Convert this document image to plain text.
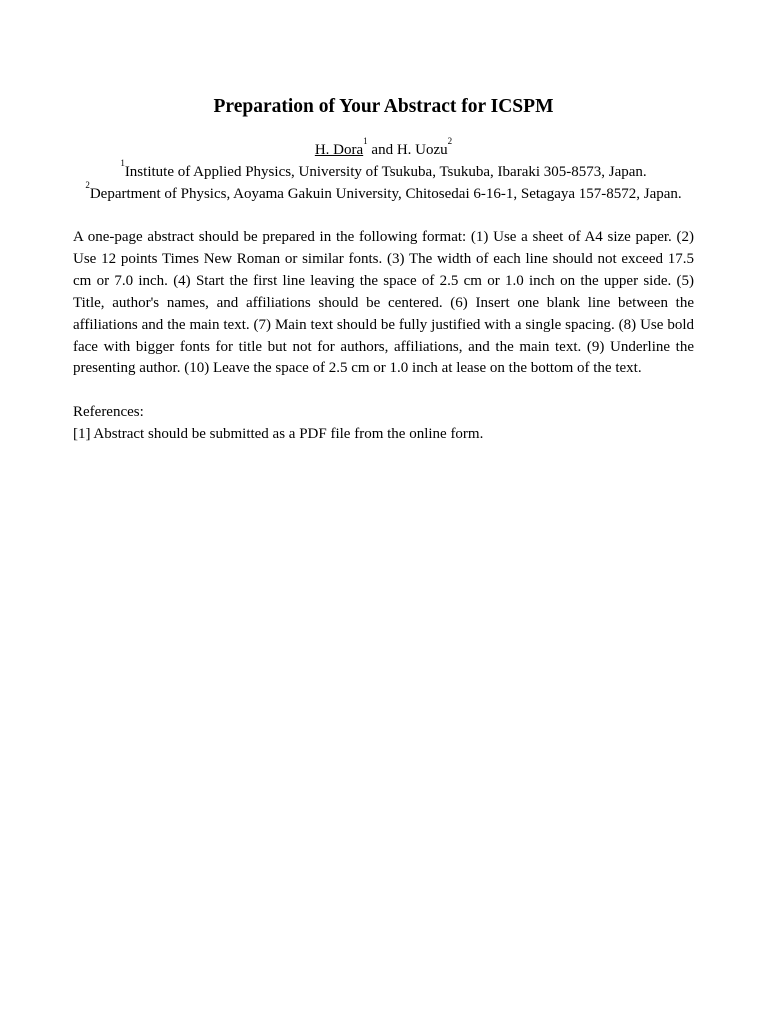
Preparation of Your Abstract for ICSPM
H. Dora$^1$ and H. Uozu$^2$
$^1$Institute of Applied Physics, University of Tsukuba, Tsukuba, Ibaraki 305-8573, Japan.
$^2$Department of Physics, Aoyama Gakuin University, Chitosedai 6-16-1, Setagaya 157-8572, Japan.

A one-page abstract should be prepared in the following format: (1) Use a sheet of A4 size paper. (2) Use 12 points Times New Roman or similar fonts. (3) The width of each line should not exceed 17.5 cm or 7.0 inch. (4) Start the first line leaving the space of 2.5 cm or 1.0 inch on the upper side. (5) Title, author's names, and affiliations should be centered. (6) Insert one blank line between the affiliations and the main text. (7) Main text should be fully justified with a single spacing. (8) Use bold face with bigger fonts for title but not for authors, affiliations, and the main text. (9) Underline the presenting author. (10) Leave the space of 2.5 cm or 1.0 inch at lease on the bottom of the text.

References:
[1] Abstract should be submitted as a PDF file from the online form.
